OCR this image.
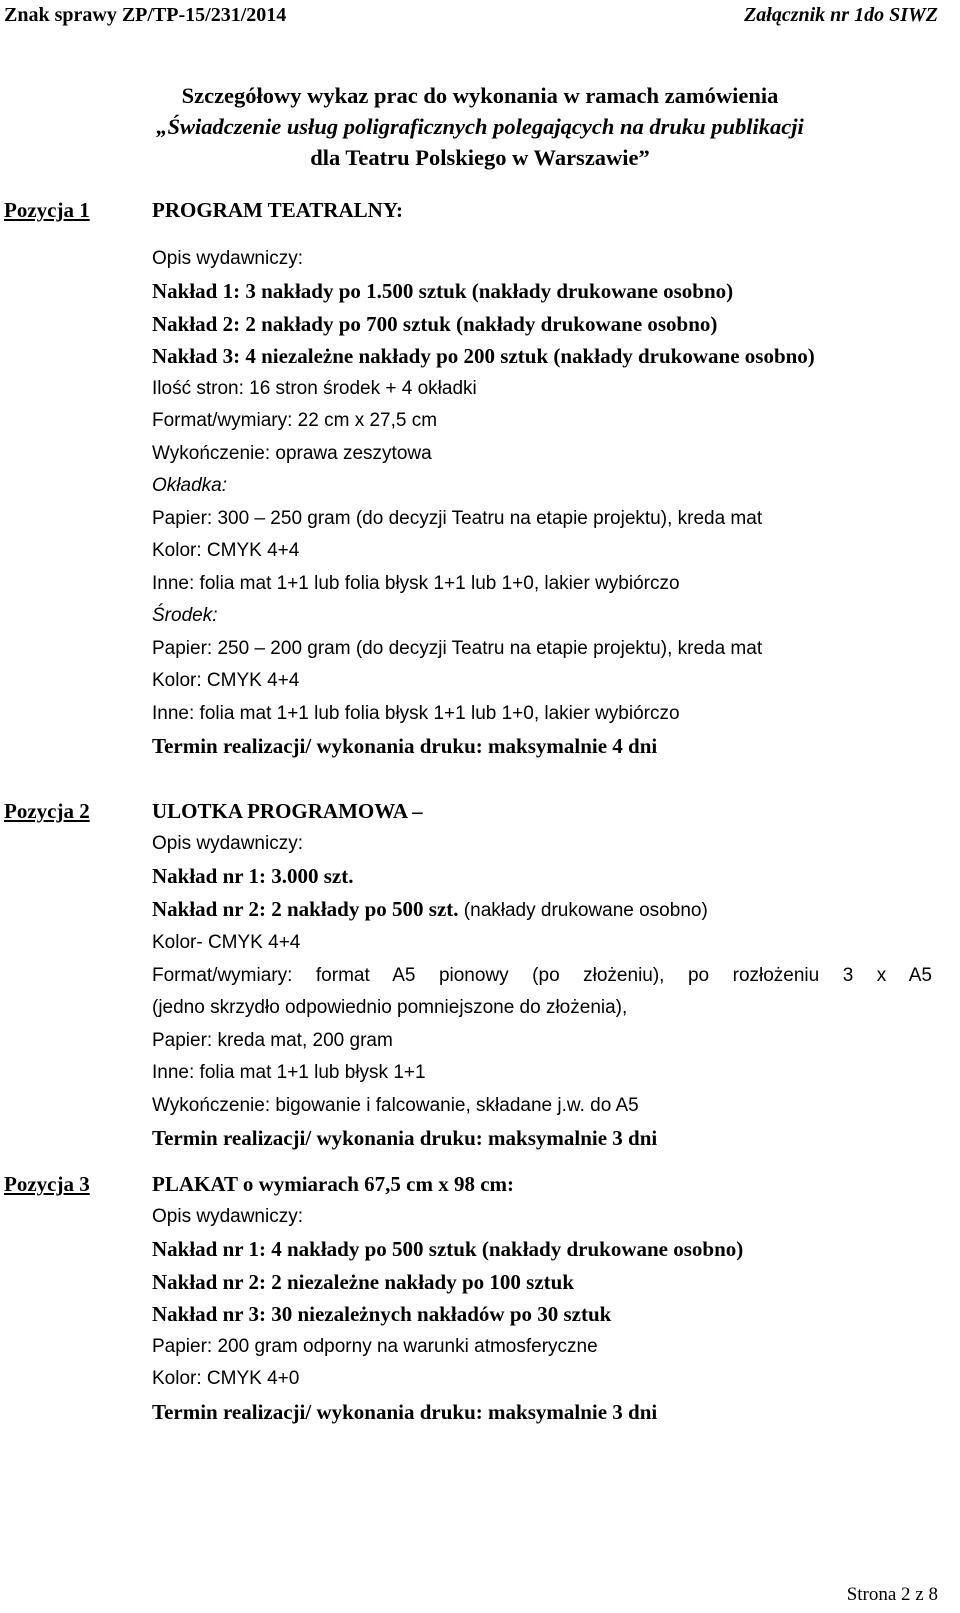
Znak sprawy ZP/TP-15/231/2014	Załącznik nr 1do SIWZ
Szczegółowy wykaz prac do wykonania w ramach zamówienia
„Świadczenie usług poligraficznych polegających na druku publikacji
dla Teatru Polskiego w Warszawie”
Pozycja 1	PROGRAM TEATRALNY:
Opis wydawniczy:
Nakład 1: 3 nakłady po 1.500 sztuk (nakłady drukowane osobno)
Nakład 2: 2 nakłady po 700 sztuk (nakłady drukowane osobno)
Nakład 3: 4 niezależne nakłady po 200 sztuk (nakłady drukowane osobno)
Ilość stron: 16 stron środek + 4 okładki
Format/wymiary: 22 cm x 27,5 cm
Wykończenie: oprawa zeszytowa
Okładka:
Papier: 300 – 250 gram (do decyzji Teatru na etapie projektu), kreda mat
Kolor: CMYK 4+4
Inne: folia mat 1+1 lub folia błysk 1+1 lub 1+0, lakier wybiórczo
Środek:
Papier: 250 – 200 gram (do decyzji Teatru na etapie projektu), kreda mat
Kolor: CMYK 4+4
Inne: folia mat 1+1 lub folia błysk 1+1 lub 1+0, lakier wybiórczo
Termin realizacji/ wykonania druku: maksymalnie 4 dni
Pozycja 2	ULOTKA PROGRAMOWA –
Opis wydawniczy:
Nakład nr 1: 3.000 szt.
Nakład nr 2: 2 nakłady po 500 szt. (nakłady drukowane osobno)
Kolor- CMYK 4+4
Format/wymiary: format A5 pionowy (po złożeniu), po rozłożeniu 3 x A5
(jedno skrzydło odpowiednio pomniejszone do złożenia),
Papier: kreda mat, 200 gram
Inne: folia mat 1+1 lub błysk 1+1
Wykończenie: bigowanie i falcowanie, składane j.w. do A5
Termin realizacji/ wykonania druku: maksymalnie 3 dni
Pozycja 3	PLAKAT o wymiarach 67,5 cm x 98 cm:
Opis wydawniczy:
Nakład nr 1: 4 nakłady po 500 sztuk (nakłady drukowane osobno)
Nakład nr 2: 2 niezależne nakłady po 100 sztuk
Nakład nr 3: 30 niezależnych nakładów po 30 sztuk
Papier: 200 gram odporny na warunki atmosferyczne
Kolor: CMYK 4+0
Termin realizacji/ wykonania druku: maksymalnie 3 dni
Strona 2 z 8
